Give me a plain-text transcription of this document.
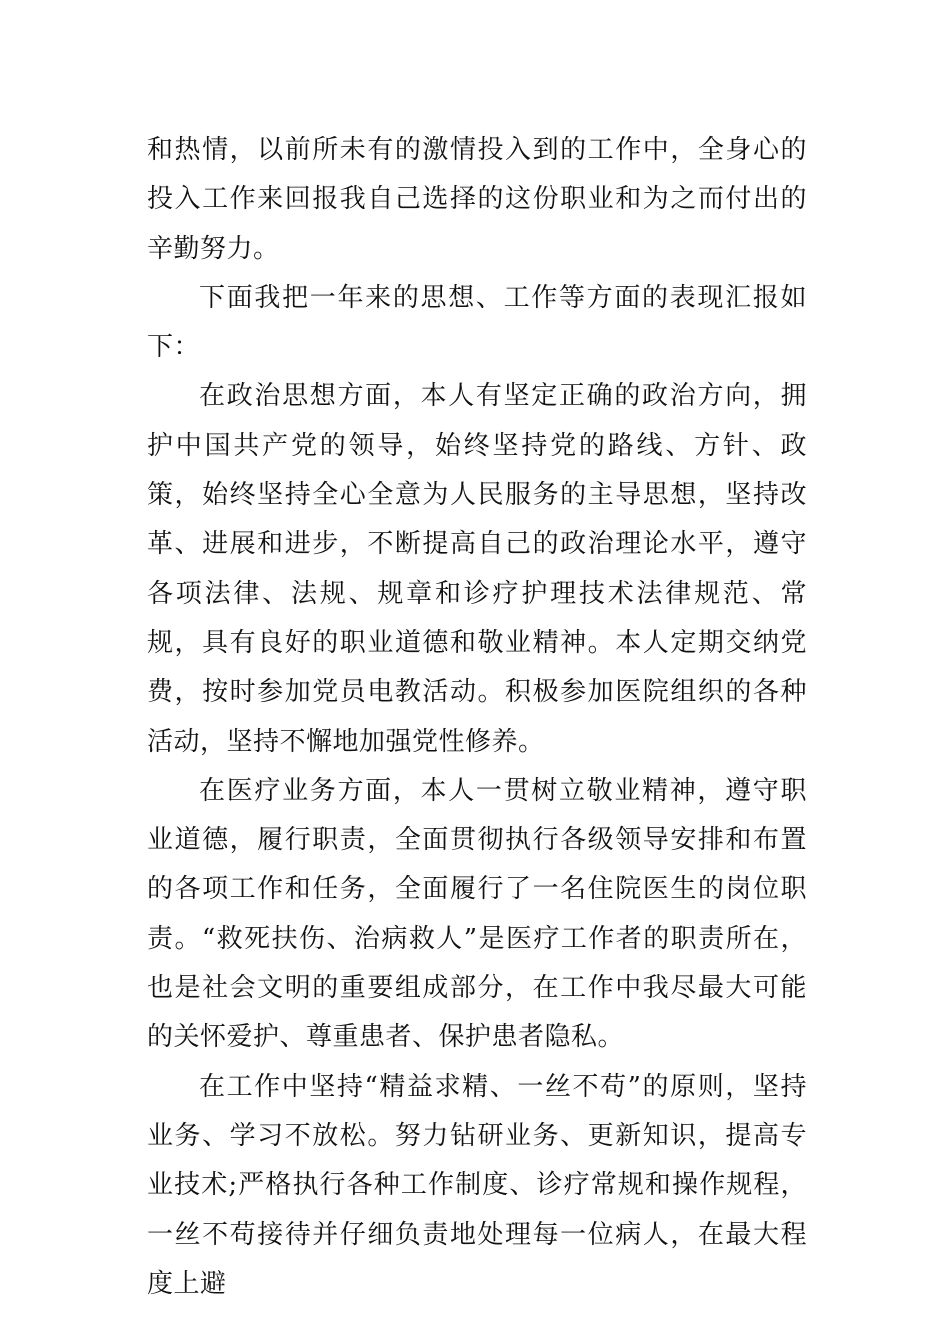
和热情，以前所未有的激情投入到的工作中，全身心的投入工作来回报我自己选择的这份职业和为之而付出的辛勤努力。

下面我把一年来的思想、工作等方面的表现汇报如下：

在政治思想方面，本人有坚定正确的政治方向，拥护中国共产党的领导，始终坚持党的路线、方针、政策，始终坚持全心全意为人民服务的主导思想，坚持改革、进展和进步，不断提高自己的政治理论水平，遵守各项法律、法规、规章和诊疗护理技术法律规范、常规，具有良好的职业道德和敬业精神。本人定期交纳党费，按时参加党员电教活动。积极参加医院组织的各种活动，坚持不懈地加强党性修养。

在医疗业务方面，本人一贯树立敬业精神，遵守职业道德，履行职责，全面贯彻执行各级领导安排和布置的各项工作和任务，全面履行了一名住院医生的岗位职责。“救死扶伤、治病救人”是医疗工作者的职责所在，也是社会文明的重要组成部分，在工作中我尽最大可能的关怀爱护、尊重患者、保护患者隐私。

在工作中坚持“精益求精、一丝不苟”的原则，坚持业务、学习不放松。努力钻研业务、更新知识，提高专业技术;严格执行各种工作制度、诊疗常规和操作规程，一丝不苟接待并仔细负责地处理每一位病人，在最大程度上避
